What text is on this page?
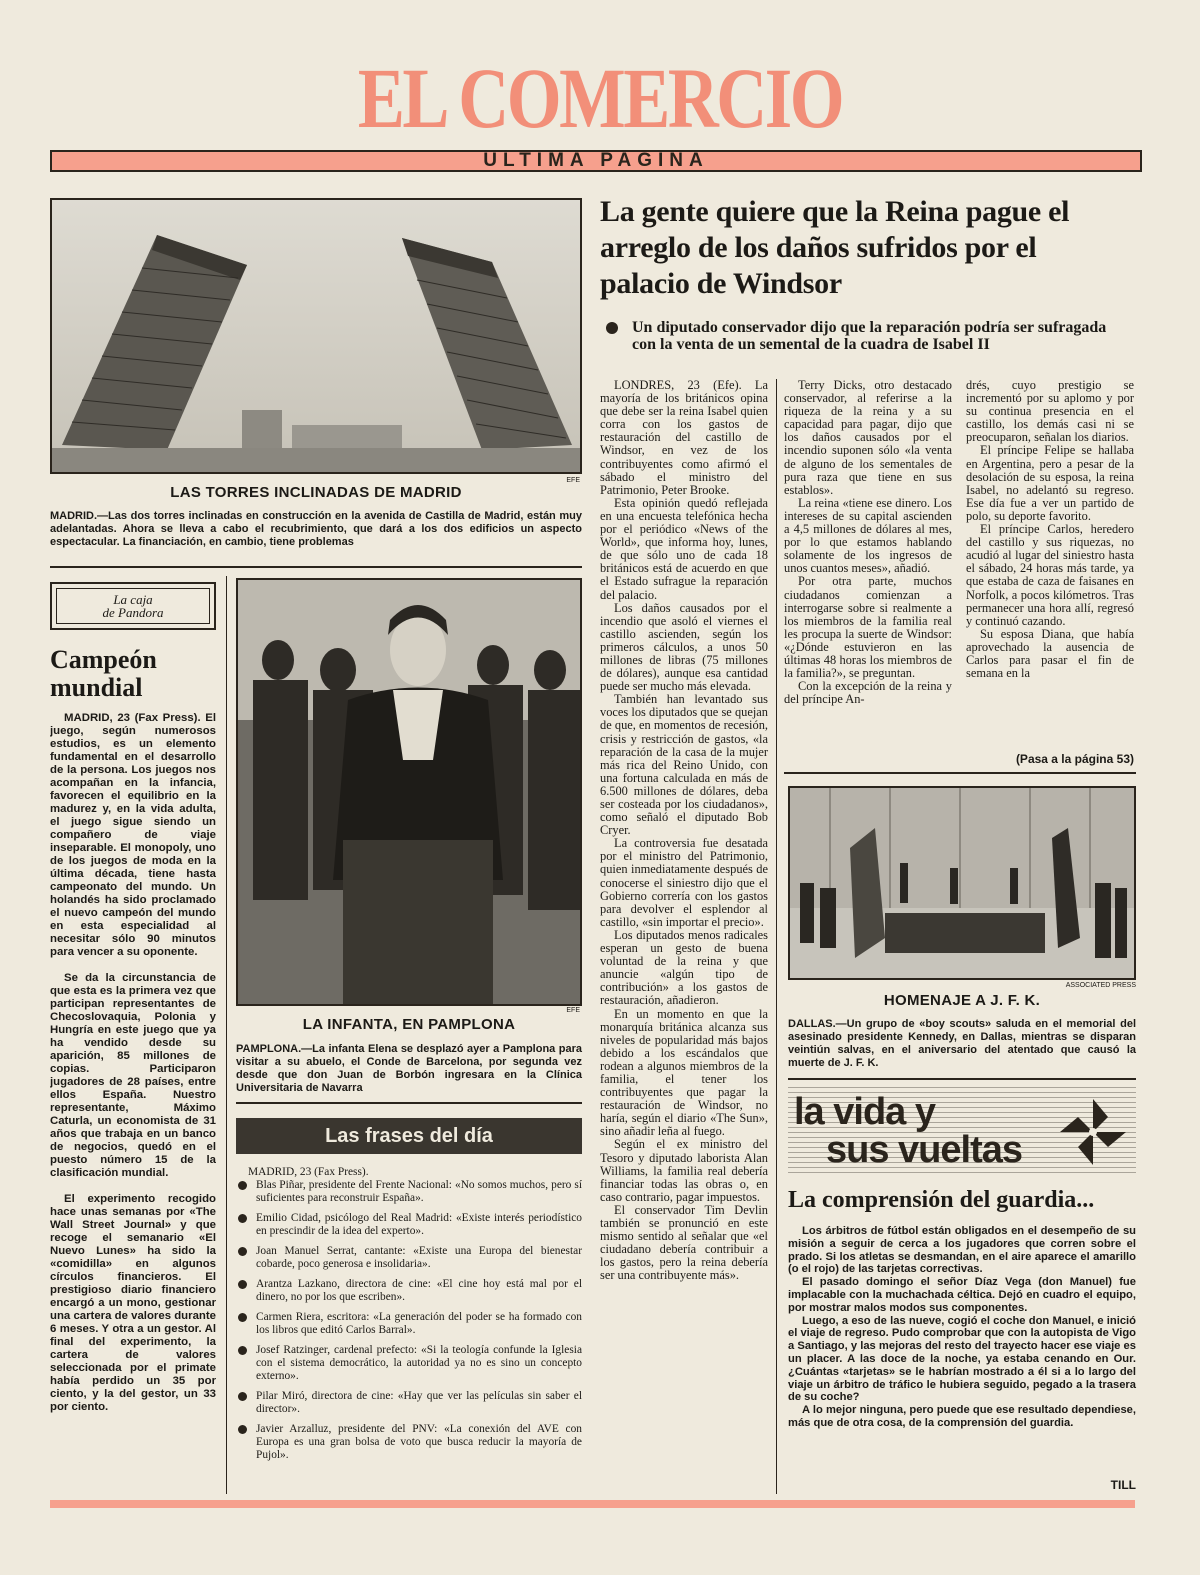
EL COMERCIO
ULTIMA PAGINA
EFE
LAS TORRES INCLINADAS DE MADRID
MADRID.—Las dos torres inclinadas en construcción en la avenida de Castilla de Madrid, están muy adelantadas. Ahora se lleva a cabo el recubrimiento, que dará a los dos edificios un aspecto espectacular. La financiación, en cambio, tiene problemas
La gente quiere que la Reina pague el arreglo de los daños sufridos por el palacio de Windsor
Un diputado conservador dijo que la reparación podría ser sufragada con la venta de un semental de la cuadra de Isabel II

LONDRES, 23 (Efe). La mayoría de los británicos opina que debe ser la reina Isabel quien corra con los gastos de restauración del castillo de Windsor, en vez de los contribuyentes como afirmó el sábado el ministro del Patrimonio, Peter Brooke.

Esta opinión quedó reflejada en una encuesta telefónica hecha por el periódico «News of the World», que informa hoy, lunes, de que sólo uno de cada 18 británicos está de acuerdo en que el Estado sufrague la reparación del palacio.

Los daños causados por el incendio que asoló el viernes el castillo ascienden, según los primeros cálculos, a unos 50 millones de libras (75 millones de dólares), aunque esa cantidad puede ser mucho más elevada.

También han levantado sus voces los diputados que se quejan de que, en momentos de recesión, crisis y restricción de gastos, «la reparación de la casa de la mujer más rica del Reino Unido, con una fortuna calculada en más de 6.500 millones de dólares, deba ser costeada por los ciudadanos», como señaló el diputado Bob Cryer.

La controversia fue desatada por el ministro del Patrimonio, quien inmediatamente después de conocerse el siniestro dijo que el Gobierno correría con los gastos para devolver el esplendor al castillo, «sin importar el precio».

Los diputados menos radicales esperan un gesto de buena voluntad de la reina y que anuncie «algún tipo de contribución» a los gastos de restauración, añadieron.

En un momento en que la monarquía británica alcanza sus niveles de popularidad más bajos debido a los escándalos que rodean a algunos miembros de la familia, el tener los contribuyentes que pagar la restauración de Windsor, no haría, según el diario «The Sun», sino añadir leña al fuego.

Según el ex ministro del Tesoro y diputado laborista Alan Williams, la familia real debería financiar todas las obras o, en caso contrario, pagar impuestos.

El conservador Tim Devlin también se pronunció en este mismo sentido al señalar que «el ciudadano debería contribuir a los gastos, pero la reina debería ser una contribuyente más».

Terry Dicks, otro destacado conservador, al referirse a la riqueza de la reina y a su capacidad para pagar, dijo que los daños causados por el incendio suponen sólo «la venta de alguno de los sementales de pura raza que tiene en sus establos».

La reina «tiene ese dinero. Los intereses de su capital ascienden a 4,5 millones de dólares al mes, por lo que estamos hablando solamente de los ingresos de unos cuantos meses», añadió.

Por otra parte, muchos ciudadanos comienzan a interrogarse sobre si realmente a los miembros de la familia real les procupa la suerte de Windsor: «¿Dónde estuvieron en las últimas 48 horas los miembros de la familia?», se preguntan.

Con la excepción de la reina y del príncipe An-

drés, cuyo prestigio se incrementó por su aplomo y por su continua presencia en el castillo, los demás casi ni se preocuparon, señalan los diarios.

El príncipe Felipe se hallaba en Argentina, pero a pesar de la desolación de su esposa, la reina Isabel, no adelantó su regreso. Ese día fue a ver un partido de polo, su deporte favorito.

El príncipe Carlos, heredero del castillo y sus riquezas, no acudió al lugar del siniestro hasta el sábado, 24 horas más tarde, ya que estaba de caza de faisanes en Norfolk, a pocos kilómetros. Tras permanecer una hora allí, regresó y continuó cazando.

Su esposa Diana, que había aprovechado la ausencia de Carlos para pasar el fin de semana en la

(Pasa a la página 53)
ASSOCIATED PRESS
HOMENAJE A J. F. K.
DALLAS.—Un grupo de «boy scouts» saluda en el memorial del asesinado presidente Kennedy, en Dallas, mientras se disparan veintiún salvas, en el aniversario del atentado que causó la muerte de J. F. K.
la vida y
sus vueltas
La comprensión del guardia...

Los árbitros de fútbol están obligados en el desempeño de su misión a seguir de cerca a los jugadores que corren sobre el prado. Si los atletas se desmandan, en el aire aparece el amarillo (o el rojo) de las tarjetas correctivas.

El pasado domingo el señor Díaz Vega (don Manuel) fue implacable con la muchachada céltica. Dejó en cuadro el equipo, por mostrar malos modos sus componentes.

Luego, a eso de las nueve, cogió el coche don Manuel, e inició el viaje de regreso. Pudo comprobar que con la autopista de Vigo a Santiago, y las mejoras del resto del trayecto hacer ese viaje es un placer. A las doce de la noche, ya estaba cenando en Our. ¿Cuántas «tarjetas» se le habrían mostrado a él si a lo largo del viaje un árbitro de tráfico le hubiera seguido, pegado a la trasera de su coche?

A lo mejor ninguna, pero puede que ese resultado dependiese, más que de otra cosa, de la comprensión del guardia.

TILL
La caja
de Pandora
Campeón mundial

MADRID, 23 (Fax Press). El juego, según numerosos estudios, es un elemento fundamental en el desarrollo de la persona. Los juegos nos acompañan en la infancia, favorecen el equilibrio en la madurez y, en la vida adulta, el juego sigue siendo un compañero de viaje inseparable. El monopoly, uno de los juegos de moda en la última década, tiene hasta campeonato del mundo. Un holandés ha sido proclamado el nuevo campeón del mundo en esta especialidad al necesitar sólo 90 minutos para vencer a su oponente.

Se da la circunstancia de que esta es la primera vez que participan representantes de Checoslovaquia, Polonia y Hungría en este juego que ya ha vendido desde su aparición, 85 millones de copias. Participaron jugadores de 28 países, entre ellos España. Nuestro representante, Máximo Caturla, un economista de 31 años que trabaja en un banco de negocios, quedó en el puesto número 15 de la clasificación mundial.

El experimento recogido hace unas semanas por «The Wall Street Journal» y que recoge el semanario «El Nuevo Lunes» ha sido la «comidilla» en algunos círculos financieros. El prestigioso diario financiero encargó a un mono, gestionar una cartera de valores durante 6 meses. Y otra a un gestor. Al final del experimento, la cartera de valores seleccionada por el primate había perdido un 35 por ciento, y la del gestor, un 33 por ciento.

EFE
LA INFANTA, EN PAMPLONA
PAMPLONA.—La infanta Elena se desplazó ayer a Pamplona para visitar a su abuelo, el Conde de Barcelona, por segunda vez desde que don Juan de Borbón ingresara en la Clínica Universitaria de Navarra
Las frases del día
MADRID, 23 (Fax Press).
Blas Piñar, presidente del Frente Nacional: «No somos muchos, pero sí suficientes para reconstruir España».
Emilio Cidad, psicólogo del Real Madrid: «Existe interés periodístico en prescindir de la idea del experto».
Joan Manuel Serrat, cantante: «Existe una Europa del bienestar cobarde, poco generosa e insolidaria».
Arantza Lazkano, directora de cine: «El cine hoy está mal por el dinero, no por los que escriben».
Carmen Riera, escritora: «La generación del poder se ha formado con los libros que editó Carlos Barral».
Josef Ratzinger, cardenal prefecto: «Si la teología confunde la Iglesia con el sistema democrático, la autoridad ya no es sino un concepto externo».
Pilar Miró, directora de cine: «Hay que ver las películas sin saber el director».
Javier Arzalluz, presidente del PNV: «La conexión del AVE con Europa es una gran bolsa de voto que busca reducir la mayoría de Pujol».
